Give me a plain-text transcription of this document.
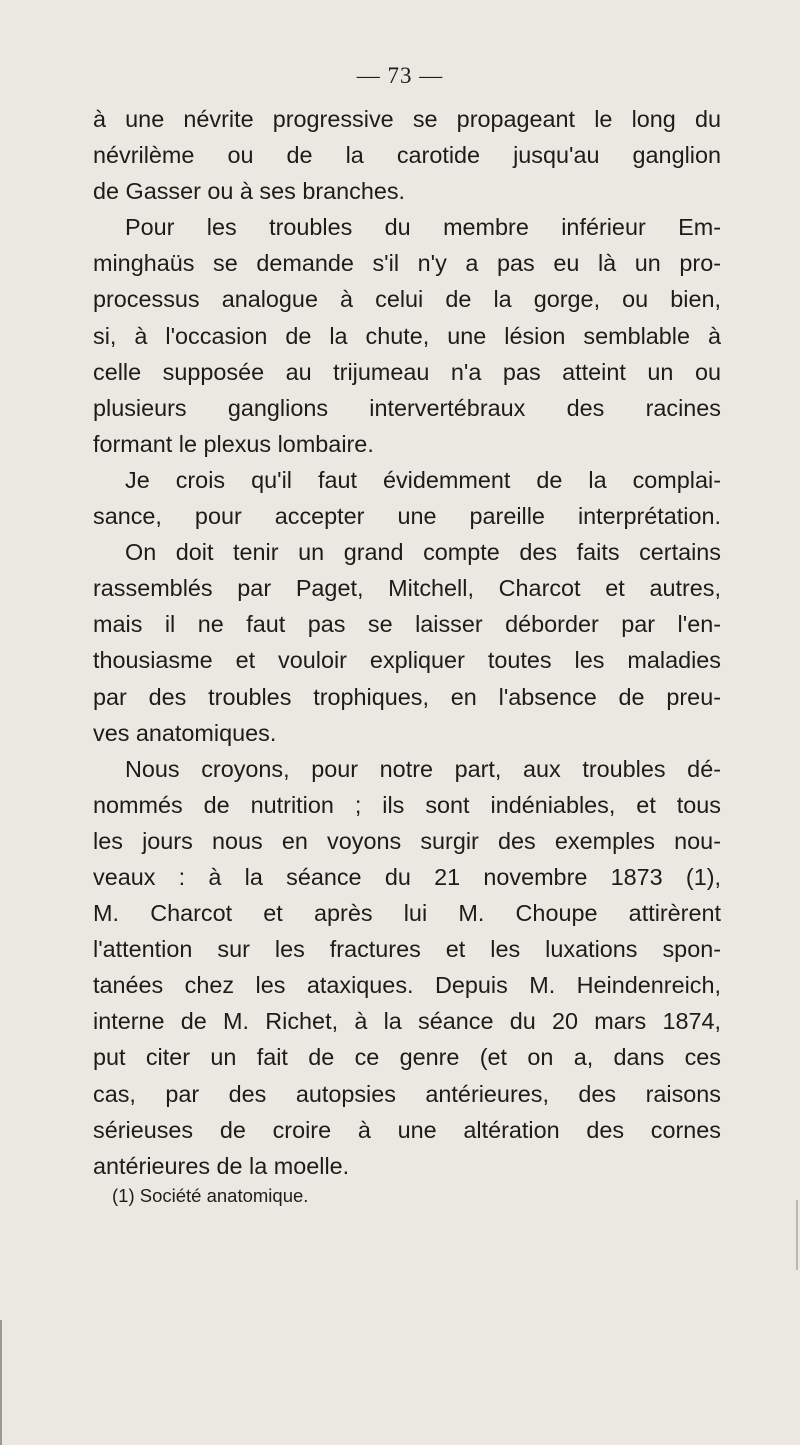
— 73 —
à une névrite progressive se propageant le long du
névrilème ou de la carotide jusqu'au ganglion
de Gasser ou à ses branches.
Pour les troubles du membre inférieur Em-
minghaüs se demande s'il n'y a pas eu là un pro-
processus analogue à celui de la gorge, ou bien,
si, à l'occasion de la chute, une lésion semblable à
celle supposée au trijumeau n'a pas atteint un ou
plusieurs ganglions intervertébraux des racines
formant le plexus lombaire.
Je crois qu'il faut évidemment de la complai-
sance, pour accepter une pareille interprétation.
On doit tenir un grand compte des faits certains
rassemblés par Paget, Mitchell, Charcot et autres,
mais il ne faut pas se laisser déborder par l'en-
thousiasme et vouloir expliquer toutes les maladies
par des troubles trophiques, en l'absence de preu-
ves anatomiques.
Nous croyons, pour notre part, aux troubles dé-
nommés de nutrition ; ils sont indéniables, et tous
les jours nous en voyons surgir des exemples nou-
veaux : à la séance du 21 novembre 1873 (1),
M. Charcot et après lui M. Choupe attirèrent
l'attention sur les fractures et les luxations spon-
tanées chez les ataxiques. Depuis M. Heindenreich,
interne de M. Richet, à la séance du 20 mars 1874,
put citer un fait de ce genre (et on a, dans ces
cas, par des autopsies antérieures, des raisons
sérieuses de croire à une altération des cornes
antérieures de la moelle.
(1) Société anatomique.
